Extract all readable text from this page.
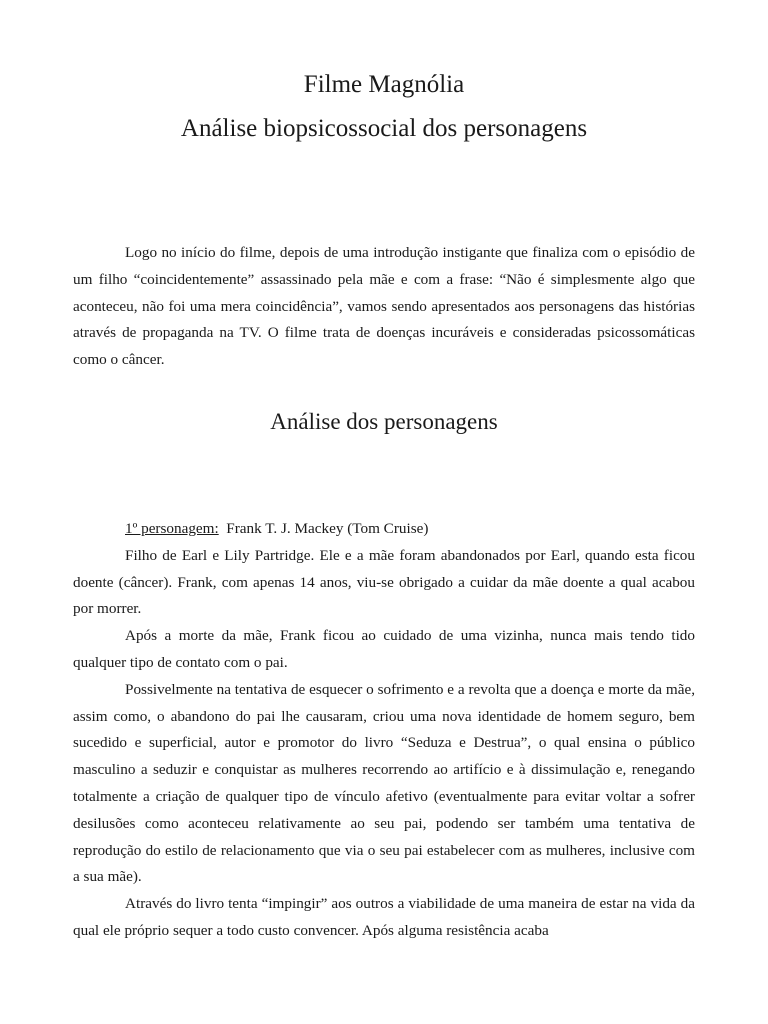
Filme Magnólia
Análise biopsicossocial dos personagens

Logo no início do filme, depois de uma introdução instigante que finaliza com o episódio de um filho “coincidentemente” assassinado pela mãe e com a frase: “Não é simplesmente algo que aconteceu, não foi uma mera coincidência”, vamos sendo apresentados aos personagens das histórias através de propaganda na TV. O filme trata de doenças incuráveis e consideradas psicossomáticas como o câncer.

Análise dos personagens
1º personagem: Frank T. J. Mackey (Tom Cruise)

Filho de Earl e Lily Partridge. Ele e a mãe foram abandonados por Earl, quando esta ficou doente (câncer). Frank, com apenas 14 anos, viu-se obrigado a cuidar da mãe doente a qual acabou por morrer.

Após a morte da mãe, Frank ficou ao cuidado de uma vizinha, nunca mais tendo tido qualquer tipo de contato com o pai.

Possivelmente na tentativa de esquecer o sofrimento e a revolta que a doença e morte da mãe, assim como, o abandono do pai lhe causaram, criou uma nova identidade de homem seguro, bem sucedido e superficial, autor e promotor do livro “Seduza e Destrua”, o qual ensina o público masculino a seduzir e conquistar as mulheres recorrendo ao artifício e à dissimulação e, renegando totalmente a criação de qualquer tipo de vínculo afetivo (eventualmente para evitar voltar a sofrer desilusões como aconteceu relativamente ao seu pai, podendo ser também uma tentativa de reprodução do estilo de relacionamento que via o seu pai estabelecer com as mulheres, inclusive com a sua mãe).

Através do livro tenta “impingir” aos outros a viabilidade de uma maneira de estar na vida da qual ele próprio sequer a todo custo convencer. Após alguma resistência acaba
